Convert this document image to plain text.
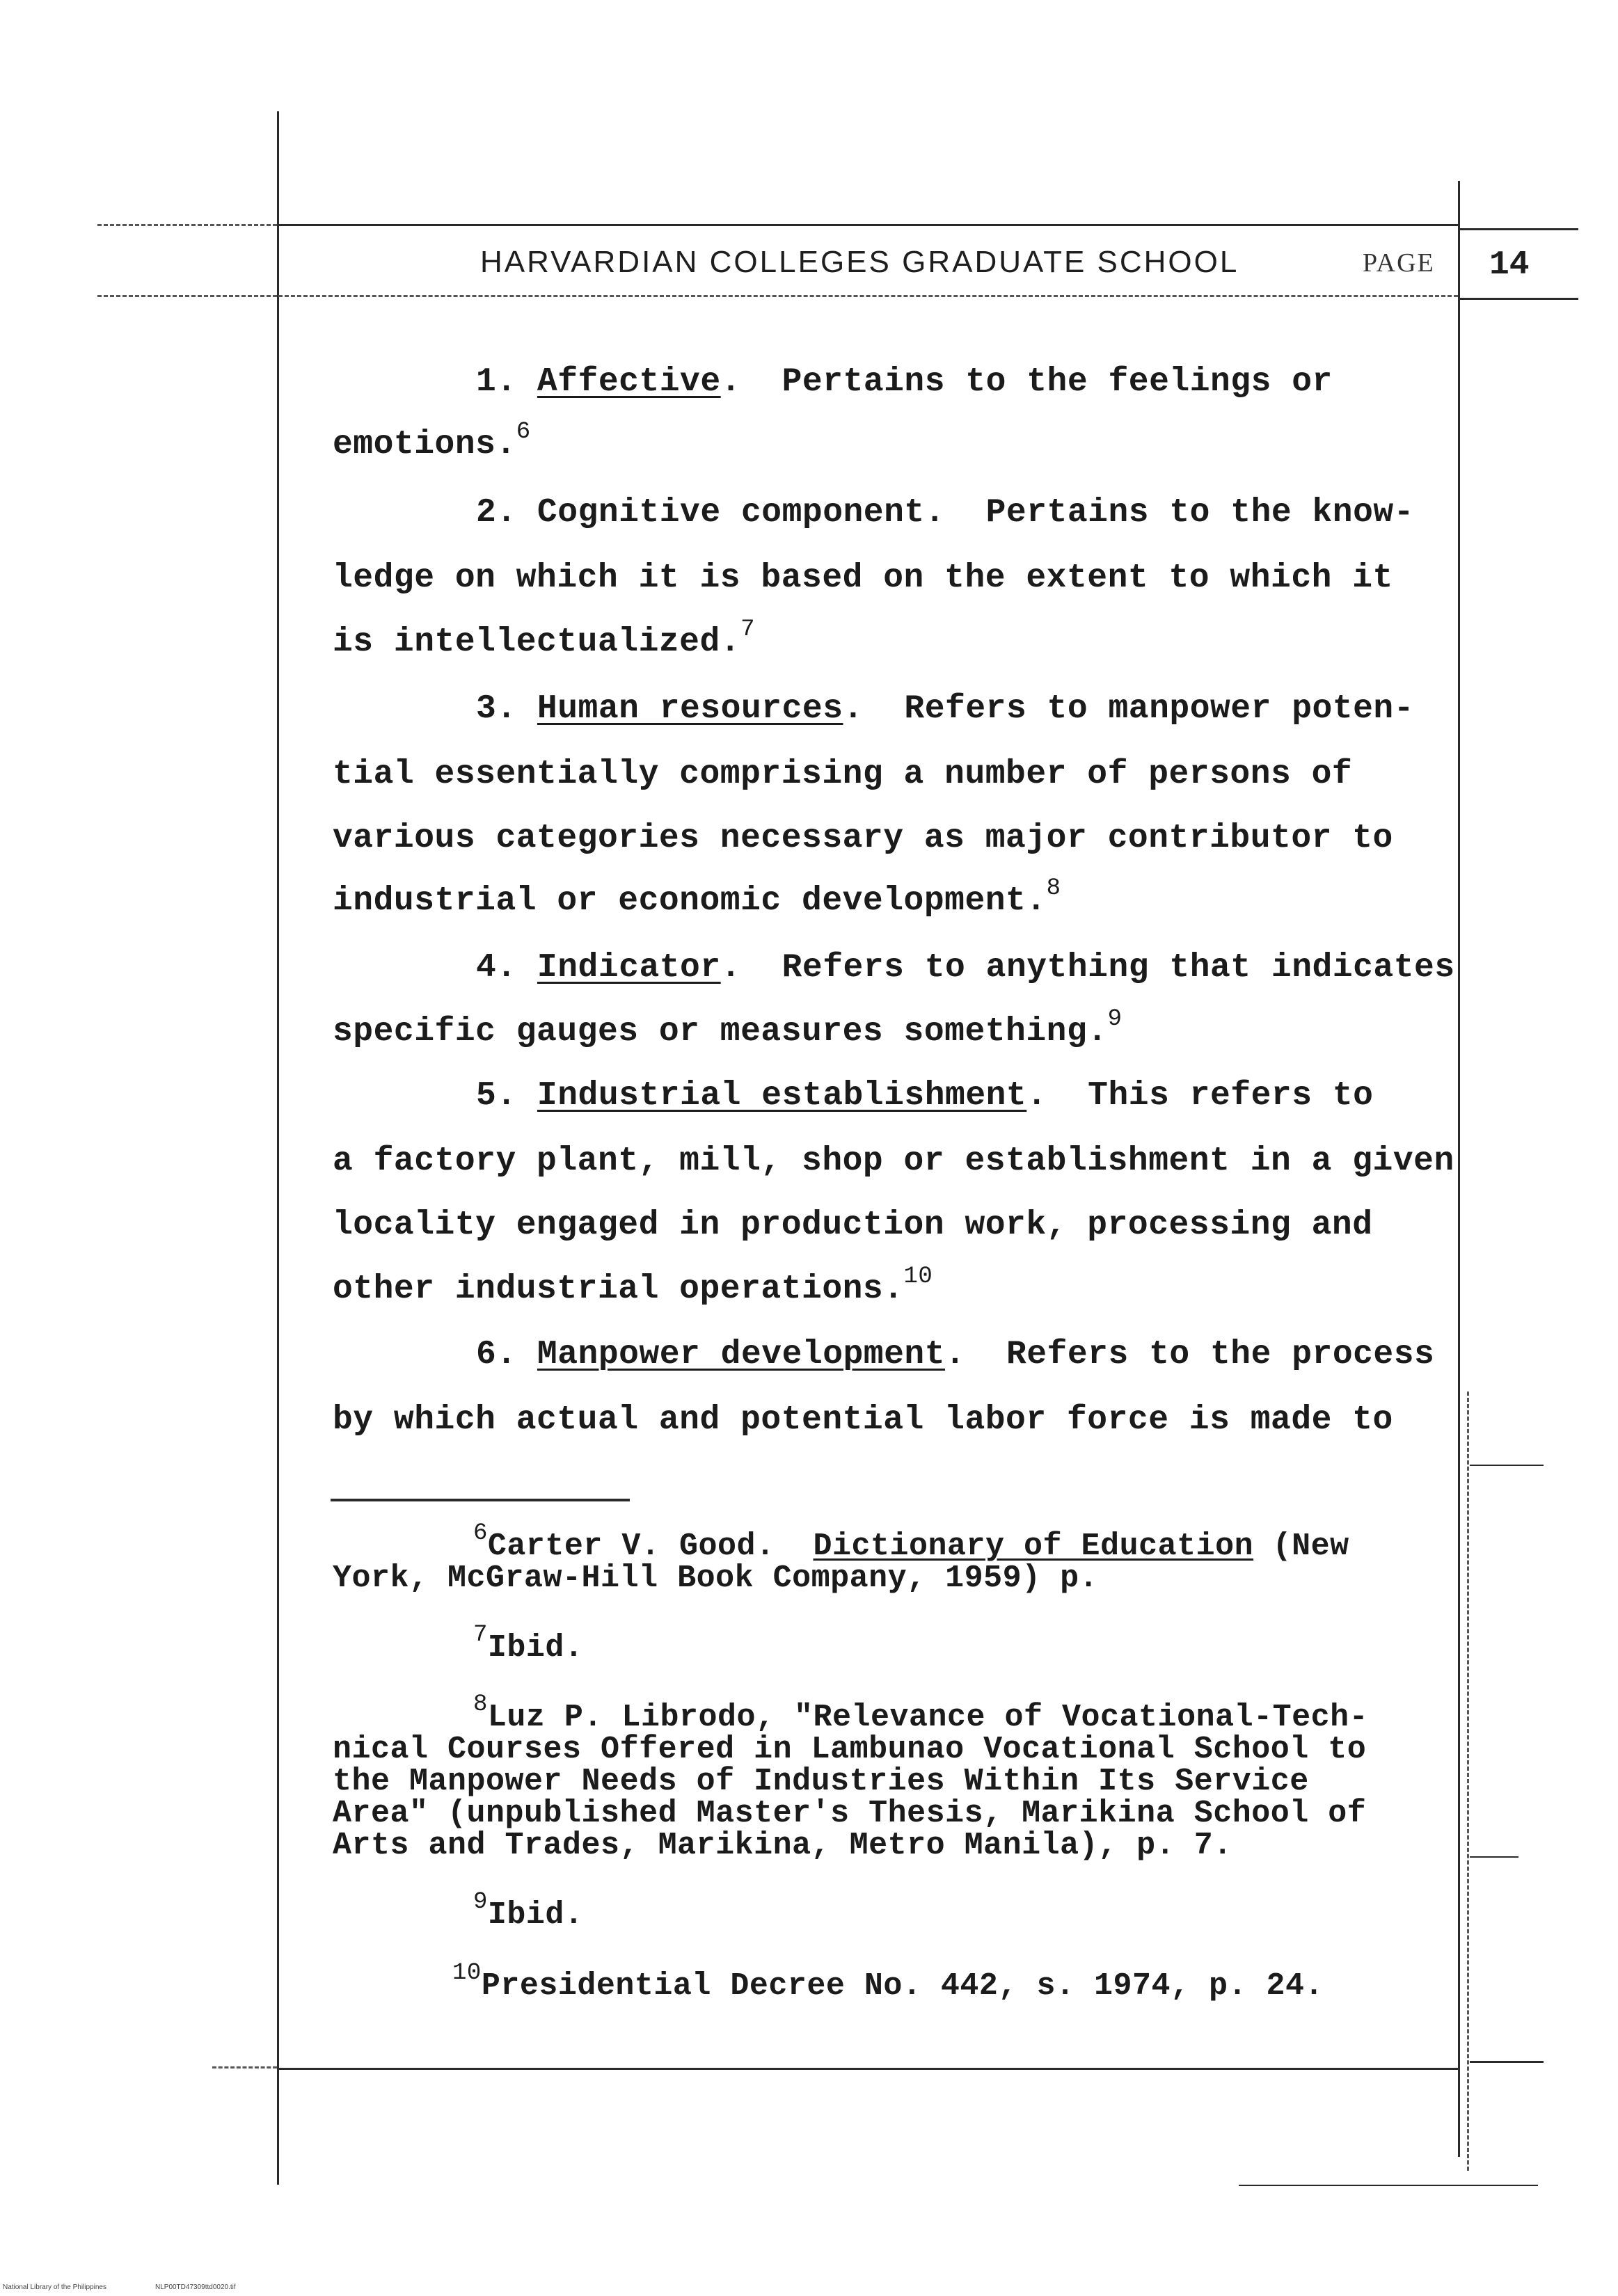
HARVARDIAN COLLEGES GRADUATE SCHOOL	PAGE 14
1. Affective. Pertains to the feelings or
emotions.$^6$
2. Cognitive component. Pertains to the know-
ledge on which it is based on the extent to which it
is intellectualized.$^7$
3. Human resources. Refers to manpower poten-
tial essentially comprising a number of persons of
various categories necessary as major contributor to
industrial or economic development.$^8$
4. Indicator. Refers to anything that indicates
specific gauges or measures something.$^9$
5. Industrial establishment. This refers to
a factory plant, mill, shop or establishment in a given
locality engaged in production work, processing and
other industrial operations.$^{10}$
6. Manpower development. Refers to the process
by which actual and potential labor force is made to
$^6$Carter V. Good. Dictionary of Education (New
York, McGraw-Hill Book Company, 1959) p.
$^7$Ibid.
$^8$Luz P. Librodo, "Relevance of Vocational-Tech-
nical Courses Offered in Lambunao Vocational School to
the Manpower Needs of Industries Within Its Service
Area" (unpublished Master's Thesis, Marikina School of
Arts and Trades, Marikina, Metro Manila), p. 7.
$^9$Ibid.
$^{10}$Presidential Decree No. 442, s. 1974, p. 24.
National Library of the Philippines	NLP00TD47309ttd0020.tif
